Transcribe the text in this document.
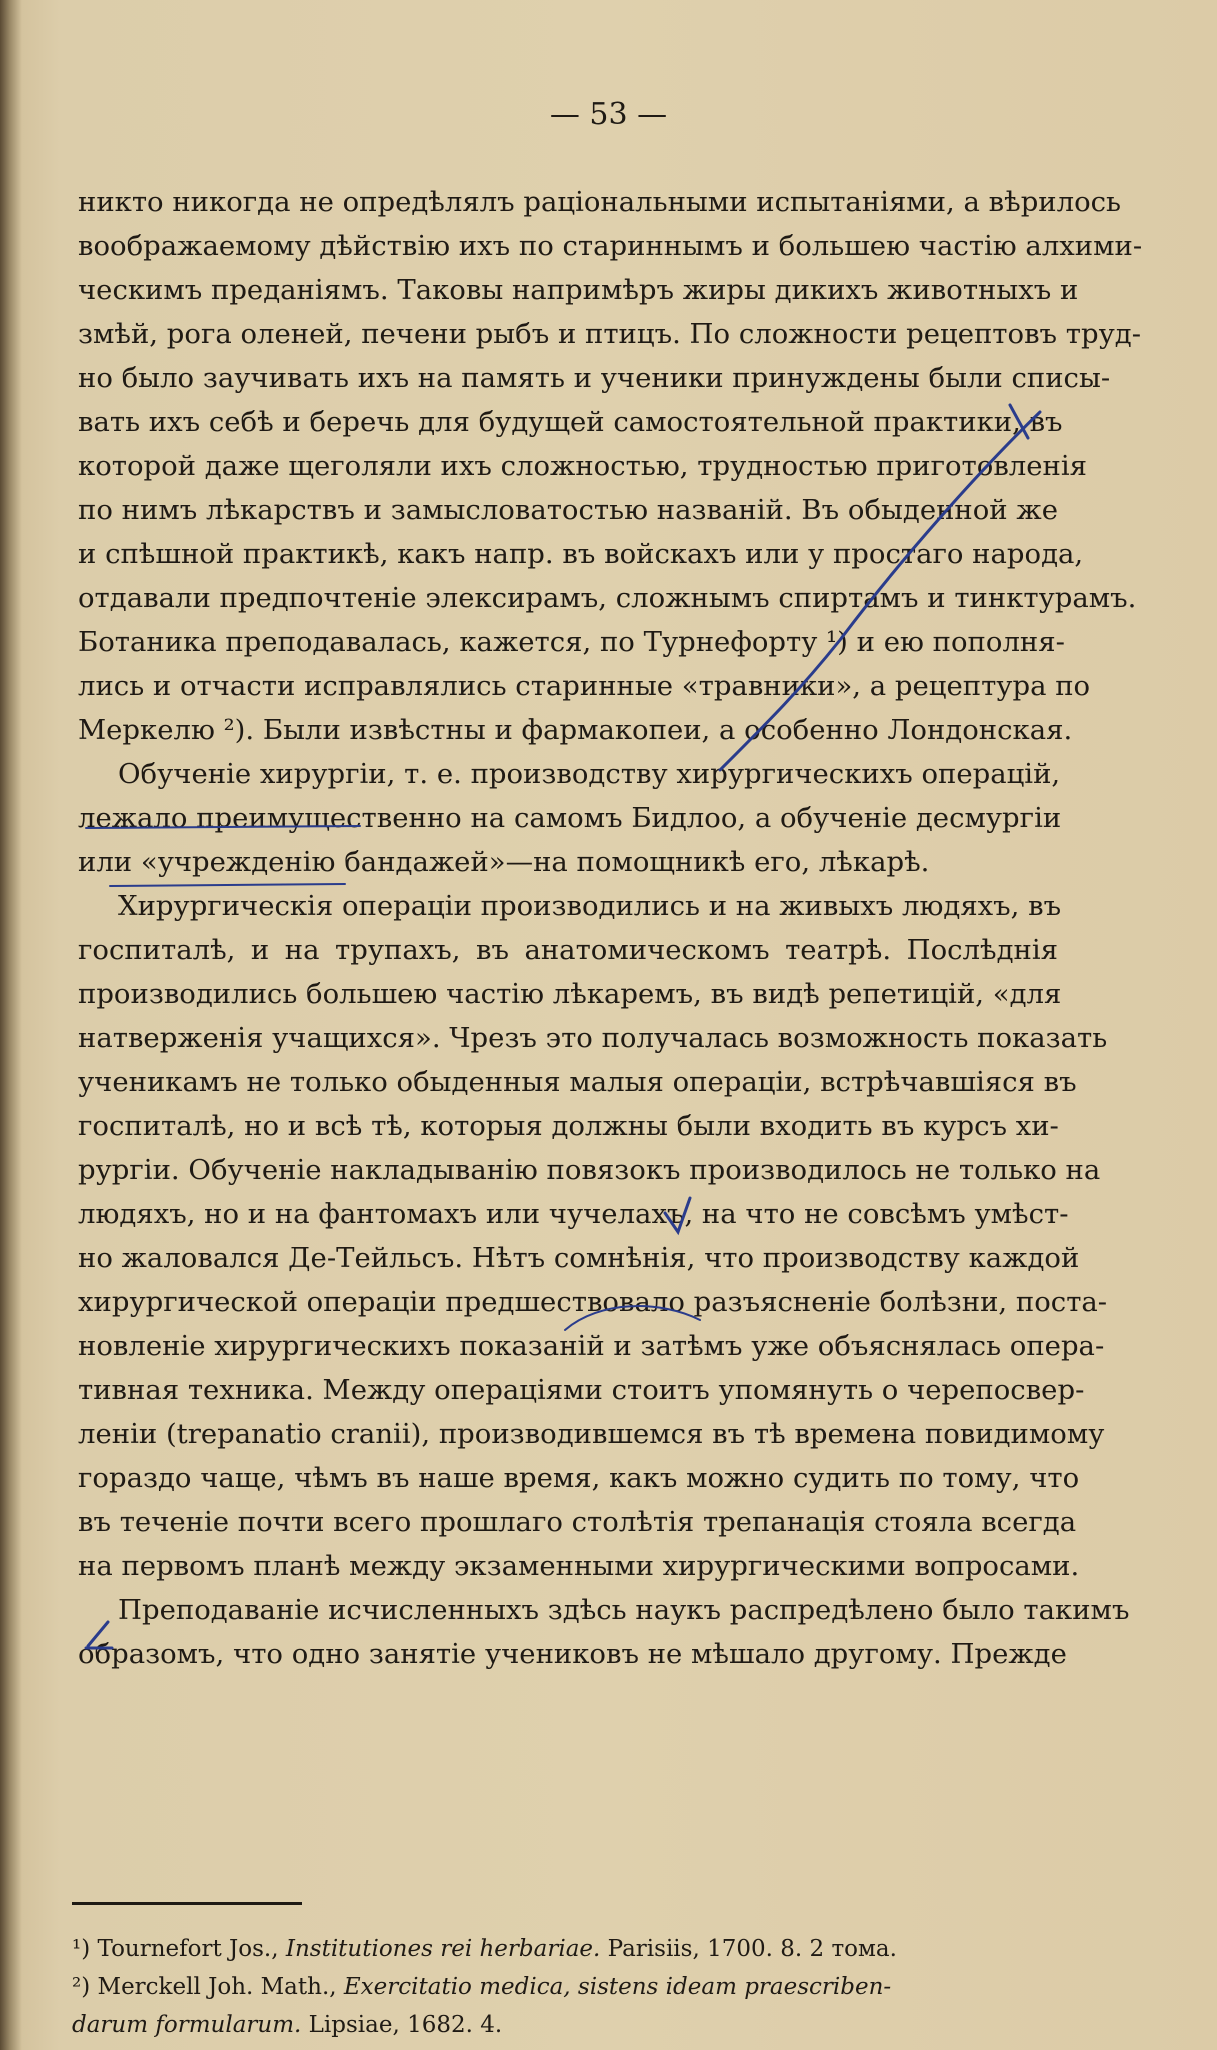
— 53 —
никто никогда не опредѣлялъ раціональными испытаніями, а вѣрилось
воображаемому дѣйствію ихъ по стариннымъ и большею частію алхими-
ческимъ преданіямъ. Таковы напримѣръ жиры дикихъ животныхъ и
змѣй, рога оленей, печени рыбъ и птицъ. По сложности рецептовъ труд-
но было заучивать ихъ на память и ученики принуждены были списы-
вать ихъ себѣ и беречь для будущей самостоятельной практики, въ
которой даже щеголяли ихъ сложностью, трудностью приготовленія
по нимъ лѣкарствъ и замысловатостью названій. Въ обыденной же
и спѣшной практикѣ, какъ напр. въ войскахъ или у простаго народа,
отдавали предпочтеніе элексирамъ, сложнымъ спиртамъ и тинктурамъ.
Ботаника преподавалась, кажется, по Турнефорту ¹) и ею пополня-
лись и отчасти исправлялись старинные «травники», а рецептура по
Меркелю ²). Были извѣстны и фармакопеи, а особенно Лондонская.
Обученіе хирургіи, т. е. производству хирургическихъ операцій,
лежало преимущественно на самомъ Бидлоо, а обученіе десмургіи
или «учрежденію бандажей»—на помощникѣ его, лѣкарѣ.
Хирургическія операціи производились и на живыхъ людяхъ, въ
госпиталѣ, и на трупахъ, въ анатомическомъ театрѣ. Послѣднія
производились большею частію лѣкаремъ, въ видѣ репетицій, «для
натверженія учащихся». Чрезъ это получалась возможность показать
ученикамъ не только обыденныя малыя операціи, встрѣчавшіяся въ
госпиталѣ, но и всѣ тѣ, которыя должны были входить въ курсъ хи-
рургіи. Обученіе накладыванію повязокъ производилось не только на
людяхъ, но и на фантомахъ или чучелахъ, на что не совсѣмъ умѣст-
но жаловался Де-Тейльсъ. Нѣтъ сомнѣнія, что производству каждой
хирургической операціи предшествовало разъясненіе болѣзни, поста-
новленіе хирургическихъ показаній и затѣмъ уже объяснялась опера-
тивная техника. Между операціями стоитъ упомянуть о черепосвер-
леніи (trepanatio cranii), производившемся въ тѣ времена повидимому
гораздо чаще, чѣмъ въ наше время, какъ можно судить по тому, что
въ теченіе почти всего прошлаго столѣтія трепанація стояла всегда
на первомъ планѣ между экзаменными хирургическими вопросами.
Преподаваніе исчисленныхъ здѣсь наукъ распредѣлено было такимъ
образомъ, что одно занятіе учениковъ не мѣшало другому. Прежде
¹) Tournefort Jos., Institutiones rei herbariae. Parisiis, 1700. 8. 2 тома.
²) Merckell Joh. Math., Exercitatio medica, sistens ideam praescriben-
darum formularum. Lipsiae, 1682. 4.
